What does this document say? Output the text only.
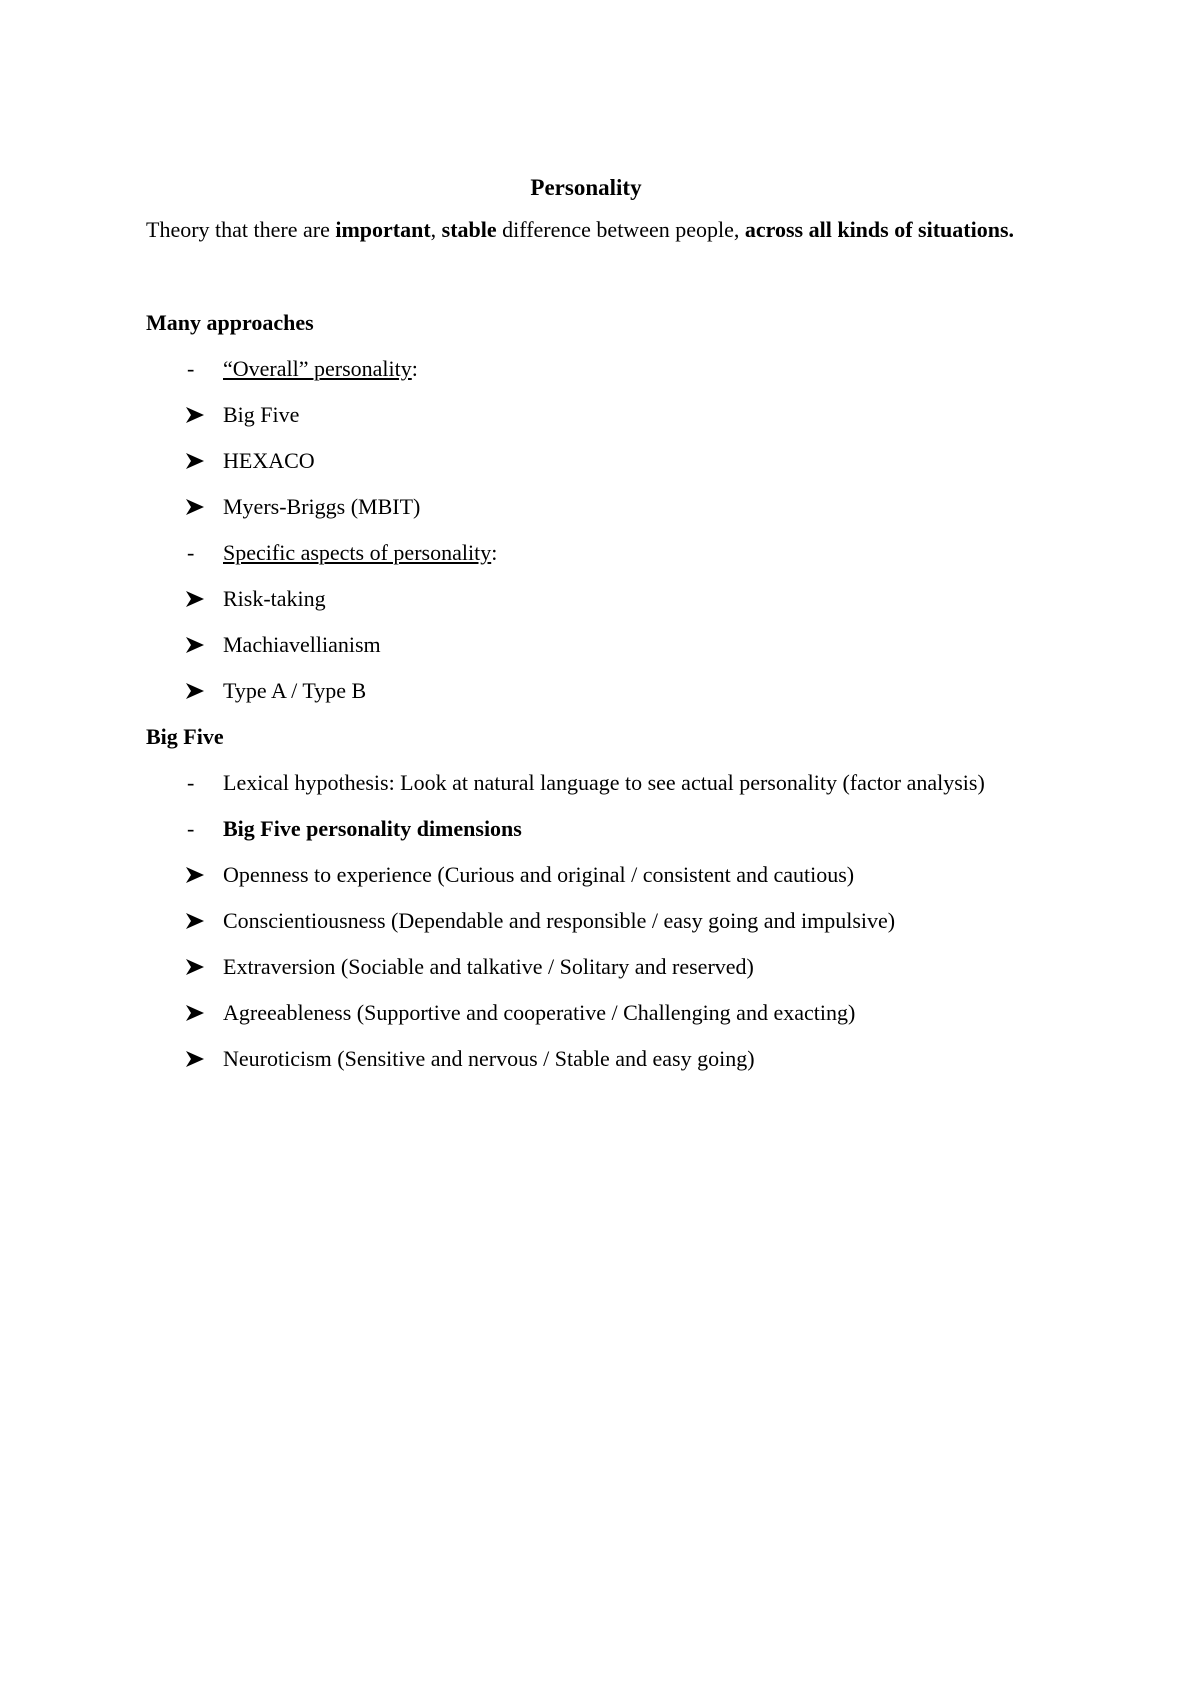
Personality

Theory that there are important, stable difference between people, across all kinds of situations.

Many approaches
-	“Overall” personality:
Big Five
HEXACO
Myers-Briggs (MBIT)
-	Specific aspects of personality:
Risk-taking
Machiavellianism
Type A / Type B
Big Five
-	Lexical hypothesis: Look at natural language to see actual personality (factor analysis)
-	Big Five personality dimensions
Openness to experience (Curious and original / consistent and cautious)
Conscientiousness (Dependable and responsible / easy going and impulsive)
Extraversion (Sociable and talkative / Solitary and reserved)
Agreeableness (Supportive and cooperative / Challenging and exacting)
Neuroticism (Sensitive and nervous / Stable and easy going)
